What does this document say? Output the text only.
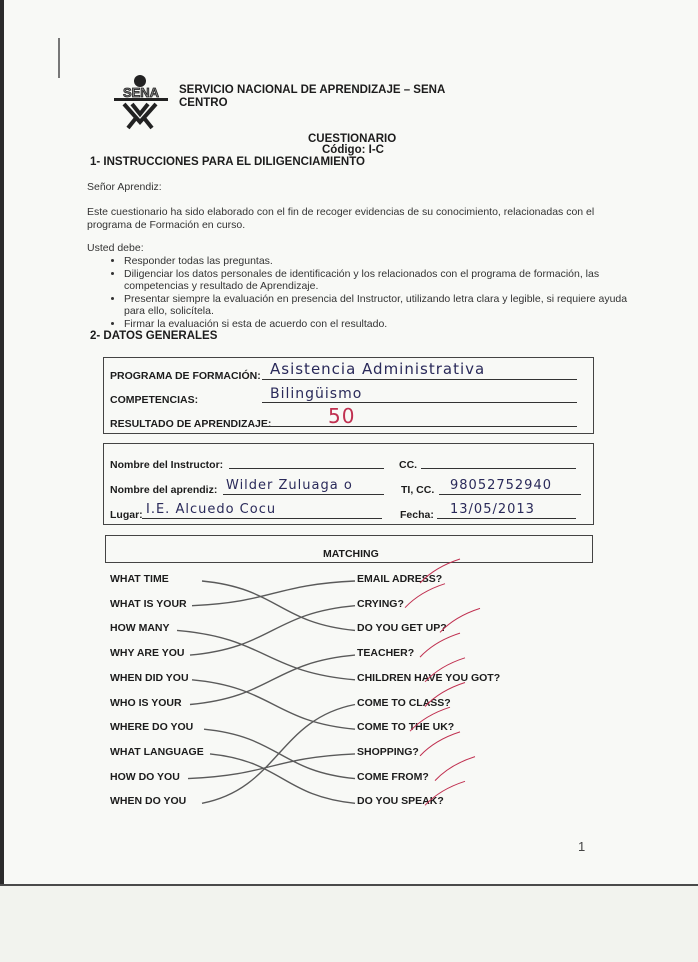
SENA SERVICIO NACIONAL DE APRENDIZAJE – SENA
CENTRO
CUESTIONARIO
Código: I-C
1- INSTRUCCIONES PARA EL DILIGENCIAMIENTO
Señor Aprendiz:
Este cuestionario ha sido elaborado con el fin de recoger evidencias de su conocimiento, relacionadas con el programa de Formación en curso.
Usted debe:
• Responder todas las preguntas.
• Diligenciar los datos personales de identificación y los relacionados con el programa de formación, las competencias y resultado de Aprendizaje.
• Presentar siempre la evaluación en presencia del Instructor, utilizando letra clara y legible, si requiere ayuda para ello, solicítela.
• Firmar la evaluación si esta de acuerdo con el resultado.
2- DATOS GENERALES
PROGRAMA DE FORMACIÓN: Asistencia Administrativa
COMPETENCIAS:	Bilingüismo
RESULTADO DE APRENDIZAJE:	50
Nombre del Instructor:	CC.
Nombre del aprendiz: Wilder Zuluaga o	TI, CC. 98052752940
Lugar: I.E. Alcuedo Cocu	Fecha: 13/05/2013
MATCHING
WHAT TIME
WHAT IS YOUR
HOW MANY
WHY ARE YOU
WHEN DID YOU
WHO IS YOUR
WHERE DO YOU
WHAT LANGUAGE
HOW DO YOU
WHEN DO YOU
EMAIL ADRESS?
CRYING?
DO YOU GET UP?
TEACHER?
CHILDREN HAVE YOU GOT?
COME TO CLASS?
COME TO THE UK?
SHOPPING?
COME FROM?
DO YOU SPEAK?
1
